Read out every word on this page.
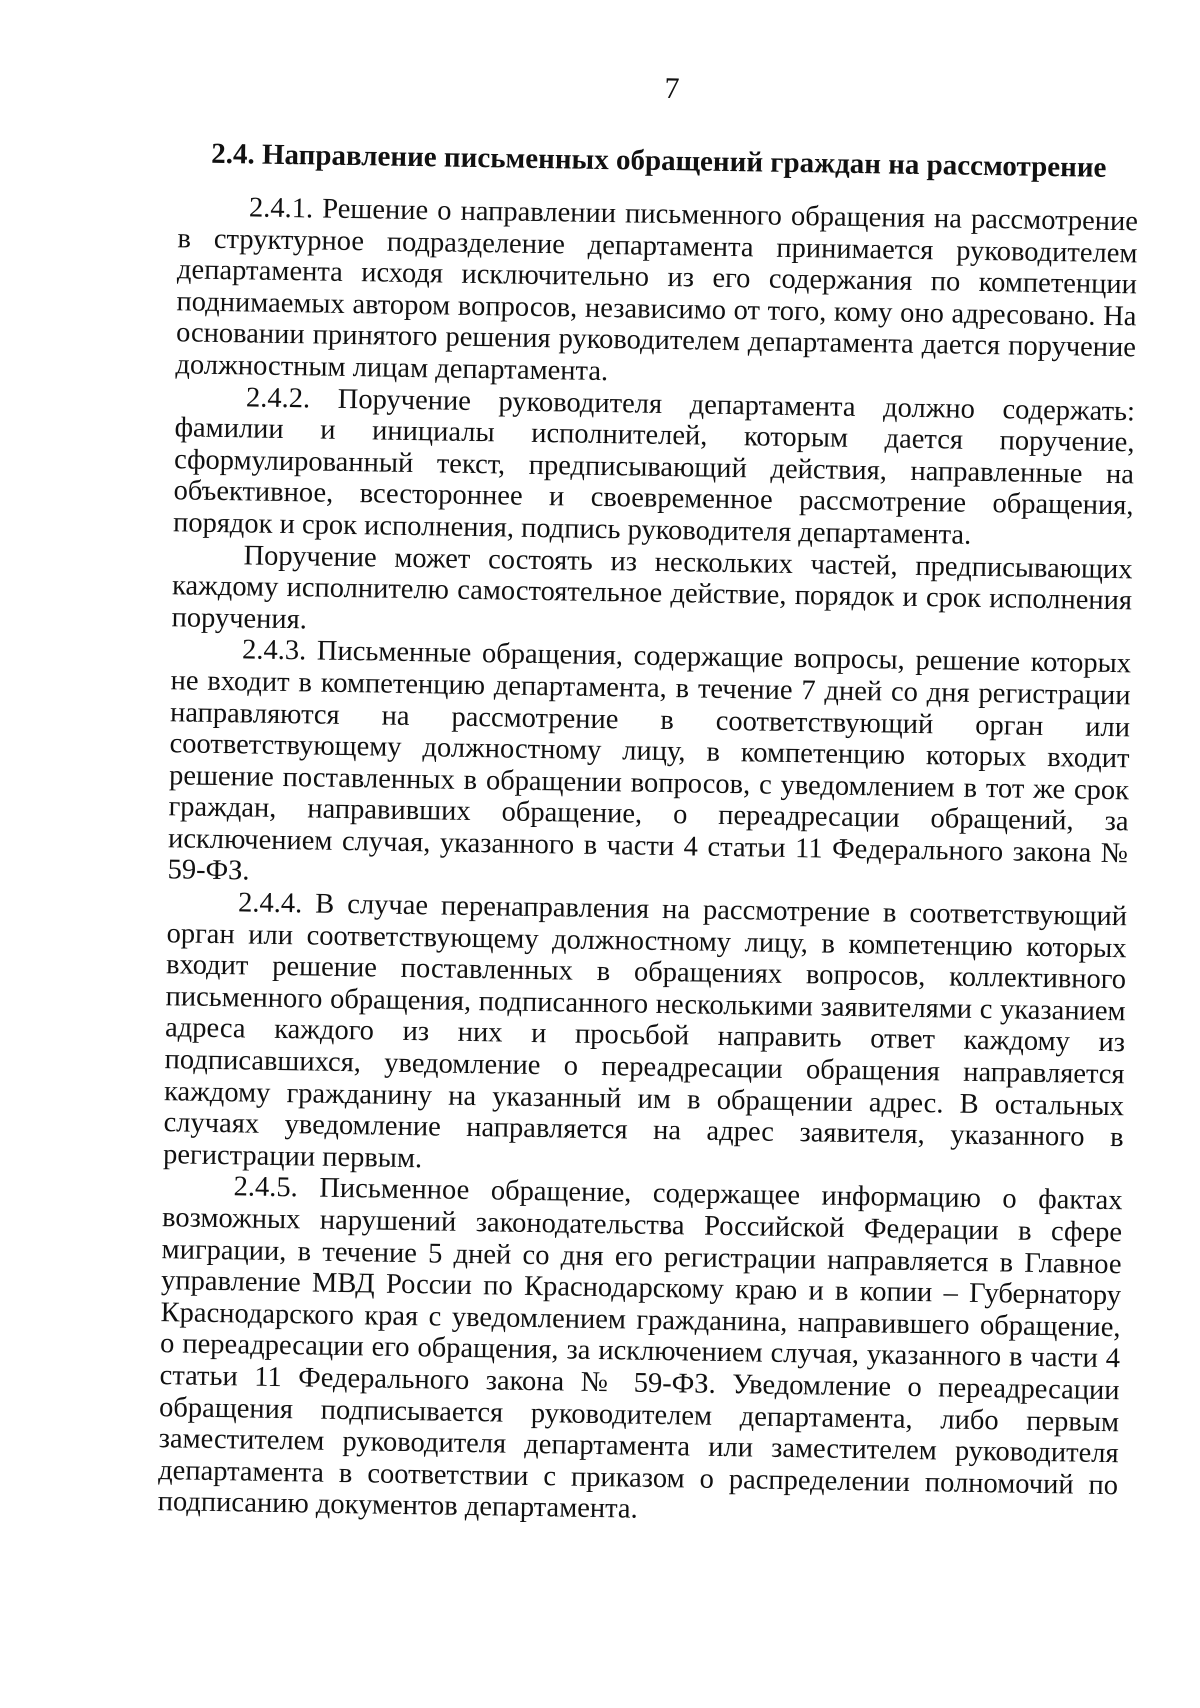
7
2.4. Направление письменных обращений граждан на рассмотрение

2.4.1. Решение о направлении письменного обращения на рассмотрение в структурное подразделение департамента принимается руководителем департамента исходя исключительно из его содержания по компетенции поднимаемых автором вопросов, независимо от того, кому оно адресовано. На основании принятого решения руководителем департамента дается поручение должностным лицам департамента.

2.4.2. Поручение руководителя департамента должно содержать: фамилии и инициалы исполнителей, которым дается поручение, сформулированный текст, предписывающий действия, направленные на объективное, всестороннее и своевременное рассмотрение обращения, порядок и срок исполнения, подпись руководителя департамента.

Поручение может состоять из нескольких частей, предписывающих каждому исполнителю самостоятельное действие, порядок и срок исполнения поручения.

2.4.3. Письменные обращения, содержащие вопросы, решение которых не входит в компетенцию департамента, в течение 7 дней со дня регистрации направляются на рассмотрение в соответствующий орган или соответствующему должностному лицу, в компетенцию которых входит решение поставленных в обращении вопросов, с уведомлением в тот же срок граждан, направивших обращение, о переадресации обращений, за исключением случая, указанного в части 4 статьи 11 Федерального закона № 59-ФЗ.

2.4.4. В случае перенаправления на рассмотрение в соответствующий орган или соответствующему должностному лицу, в компетенцию которых входит решение поставленных в обращениях вопросов, коллективного письменного обращения, подписанного несколькими заявителями с указанием адреса каждого из них и просьбой направить ответ каждому из подписавшихся, уведомление о переадресации обращения направляется каждому гражданину на указанный им в обращении адрес. В остальных случаях уведомление направляется на адрес заявителя, указанного в регистрации первым.

2.4.5. Письменное обращение, содержащее информацию о фактах возможных нарушений законодательства Российской Федерации в сфере миграции, в течение 5 дней со дня его регистрации направляется в Главное управление МВД России по Краснодарскому краю и в копии – Губернатору Краснодарского края с уведомлением гражданина, направившего обращение, о переадресации его обращения, за исключением случая, указанного в части 4 статьи 11 Федерального закона № 59-ФЗ. Уведомление о переадресации обращения подписывается руководителем департамента, либо первым заместителем руководителя департамента или заместителем руководителя департамента в соответствии с приказом о распределении полномочий по подписанию документов департамента.
